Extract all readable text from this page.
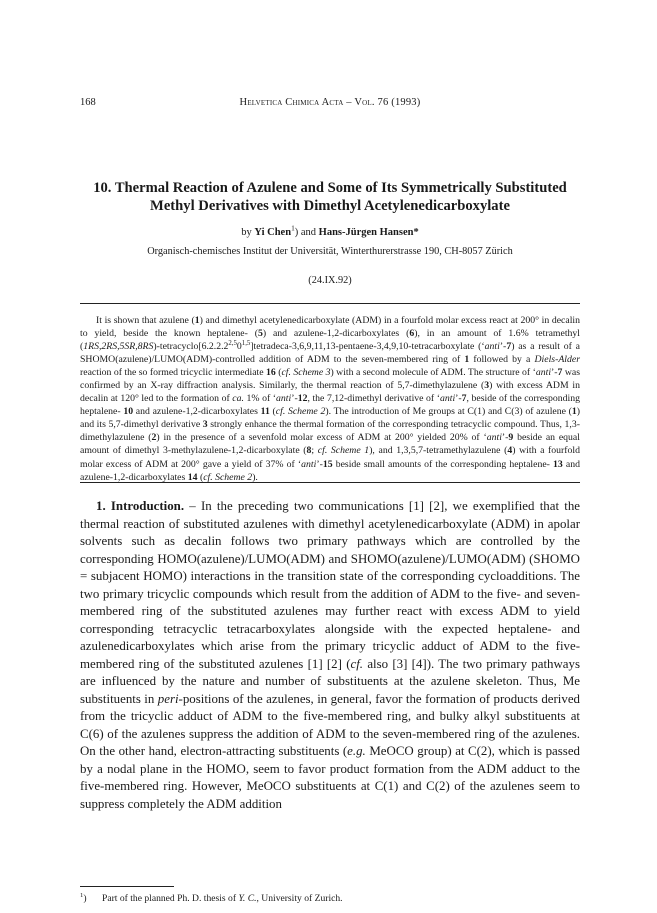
168	Helvetica Chimica Acta – Vol. 76 (1993)
10. Thermal Reaction of Azulene and Some of Its Symmetrically Substituted Methyl Derivatives with Dimethyl Acetylenedicarboxylate
by Yi Chen$^1$) and Hans-Jürgen Hansen*
Organisch-chemisches Institut der Universität, Winterthurerstrasse 190, CH-8057 Zürich
(24.IX.92)

It is shown that azulene (1) and dimethyl acetylenedicarboxylate (ADM) in a fourfold molar excess react at 200° in decalin to yield, beside the known heptalene- (5) and azulene-1,2-dicarboxylates (6), in an amount of 1.6% tetramethyl (1RS,2RS,5SR,8RS)-tetracyclo[6.2.2.2$^{2,5}$0$^{1,5}$]tetradeca-3,6,9,11,13-pentaene-3,4,9,10-tetracarboxylate (‘anti’-7) as a result of a SHOMO(azulene)/LUMO(ADM)-controlled addition of ADM to the seven-membered ring of 1 followed by a Diels-Alder reaction of the so formed tricyclic intermediate 16 (cf. Scheme 3) with a second molecule of ADM. The structure of ‘anti’-7 was confirmed by an X-ray diffraction analysis. Similarly, the thermal reaction of 5,7-dimethylazulene (3) with excess ADM in decalin at 120° led to the formation of ca. 1% of ‘anti’-12, the 7,12-dimethyl derivative of ‘anti’-7, beside of the corresponding heptalene- 10 and azulene-1,2-dicarboxylates 11 (cf. Scheme 2). The introduction of Me groups at C(1) and C(3) of azulene (1) and its 5,7-dimethyl derivative 3 strongly enhance the thermal formation of the corresponding tetracyclic compound. Thus, 1,3-dimethylazulene (2) in the presence of a sevenfold molar excess of ADM at 200° yielded 20% of ‘anti’-9 beside an equal amount of dimethyl 3-methylazulene-1,2-dicarboxylate (8; cf. Scheme 1), and 1,3,5,7-tetramethylazulene (4) with a fourfold molar excess of ADM at 200° gave a yield of 37% of ‘anti’-15 beside small amounts of the corresponding heptalene- 13 and azulene-1,2-dicarboxylates 14 (cf. Scheme 2).

1. Introduction. – In the preceding two communications [1] [2], we exemplified that the thermal reaction of substituted azulenes with dimethyl acetylenedicarboxylate (ADM) in apolar solvents such as decalin follows two primary pathways which are controlled by the corresponding HOMO(azulene)/LUMO(ADM) and SHOMO(azulene)/LUMO(ADM) (SHOMO = subjacent HOMO) interactions in the transition state of the corresponding cycloadditions. The two primary tricyclic compounds which result from the addition of ADM to the five- and seven-membered ring of the substituted azulenes may further react with excess ADM to yield corresponding tetracyclic tetracarboxylates alongside with the expected heptalene- and azulenedicarboxylates which arise from the primary tricyclic adduct of ADM to the five-membered ring of the substituted azulenes [1] [2] (cf. also [3] [4]). The two primary pathways are influenced by the nature and number of substituents at the azulene skeleton. Thus, Me substituents in peri-positions of the azulenes, in general, favor the formation of products derived from the tricyclic adduct of ADM to the five-membered ring, and bulky alkyl substituents at C(6) of the azulenes suppress the addition of ADM to the seven-membered ring of the azulenes. On the other hand, electron-attracting substituents (e.g. MeOCO group) at C(2), which is passed by a nodal plane in the HOMO, seem to favor product formation from the ADM adduct to the five-membered ring. However, MeOCO substituents at C(1) and C(2) of the azulenes seem to suppress completely the ADM addition

$^1$) Part of the planned Ph. D. thesis of Y. C., University of Zurich.
